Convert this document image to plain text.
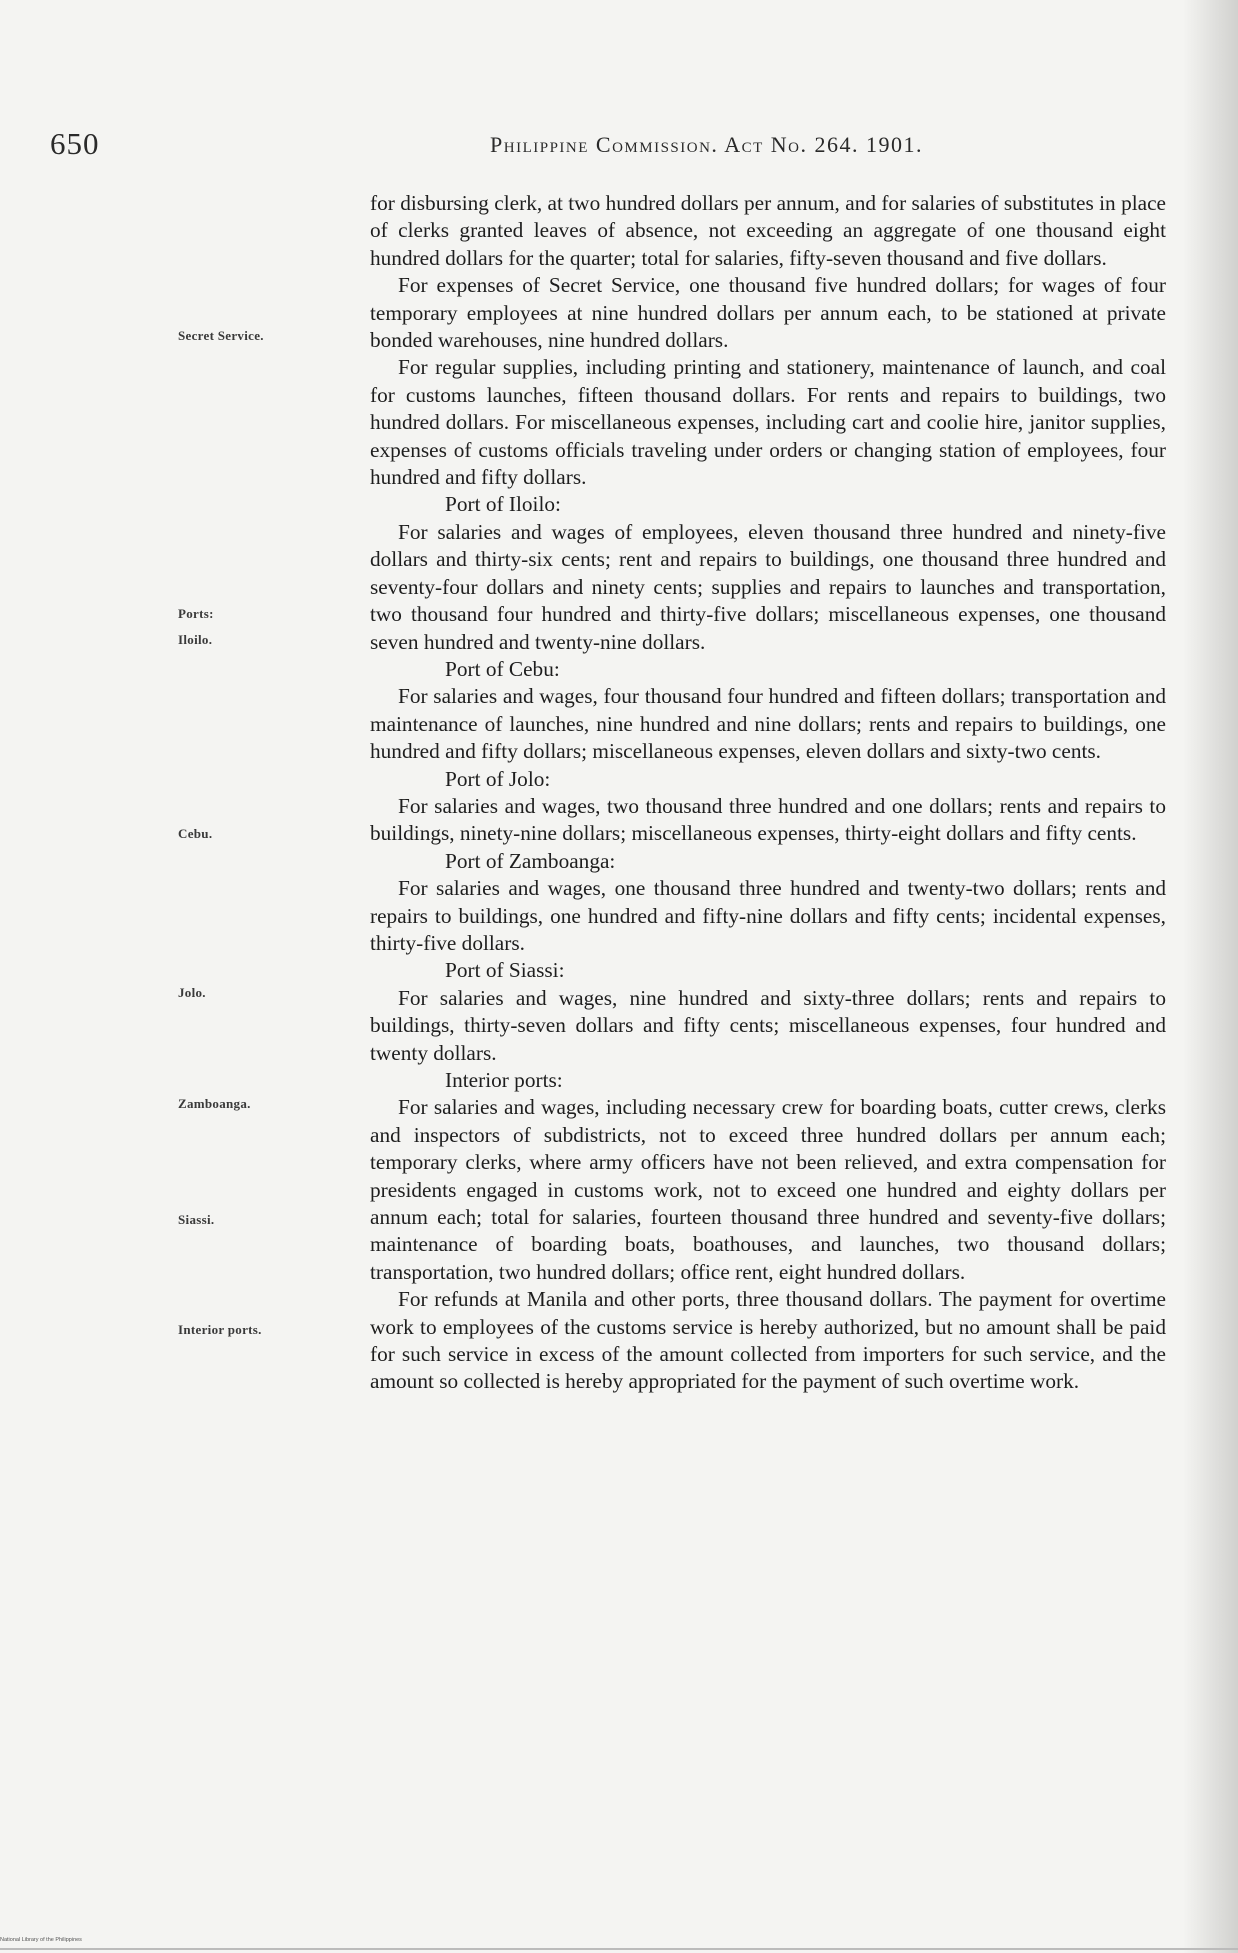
650	Philippine Commission. Act No. 264. 1901.
Secret Service.
Ports:
Iloilo.
Cebu.
Jolo.
Zamboanga.
Siassi.
Interior ports.

for disbursing clerk, at two hundred dollars per annum, and for salaries of substitutes in place of clerks granted leaves of absence, not exceeding an aggregate of one thousand eight hundred dollars for the quarter; total for salaries, fifty-seven thousand and five dollars.

For expenses of Secret Service, one thousand five hundred dollars; for wages of four temporary employees at nine hundred dollars per annum each, to be stationed at private bonded warehouses, nine hundred dollars.

For regular supplies, including printing and stationery, maintenance of launch, and coal for customs launches, fifteen thousand dollars. For rents and repairs to buildings, two hundred dollars. For miscellaneous expenses, including cart and coolie hire, janitor supplies, expenses of customs officials traveling under orders or changing station of employees, four hundred and fifty dollars.

Port of Iloilo:

For salaries and wages of employees, eleven thousand three hundred and ninety-five dollars and thirty-six cents; rent and repairs to buildings, one thousand three hundred and seventy-four dollars and ninety cents; supplies and repairs to launches and transportation, two thousand four hundred and thirty-five dollars; miscellaneous expenses, one thousand seven hundred and twenty-nine dollars.

Port of Cebu:

For salaries and wages, four thousand four hundred and fifteen dollars; transportation and maintenance of launches, nine hundred and nine dollars; rents and repairs to buildings, one hundred and fifty dollars; miscellaneous expenses, eleven dollars and sixty-two cents.

Port of Jolo:

For salaries and wages, two thousand three hundred and one dollars; rents and repairs to buildings, ninety-nine dollars; miscellaneous expenses, thirty-eight dollars and fifty cents.

Port of Zamboanga:

For salaries and wages, one thousand three hundred and twenty-two dollars; rents and repairs to buildings, one hundred and fifty-nine dollars and fifty cents; incidental expenses, thirty-five dollars.

Port of Siassi:

For salaries and wages, nine hundred and sixty-three dollars; rents and repairs to buildings, thirty-seven dollars and fifty cents; miscellaneous expenses, four hundred and twenty dollars.

Interior ports:

For salaries and wages, including necessary crew for boarding boats, cutter crews, clerks and inspectors of subdistricts, not to exceed three hundred dollars per annum each; temporary clerks, where army officers have not been relieved, and extra compensation for presidents engaged in customs work, not to exceed one hundred and eighty dollars per annum each; total for salaries, fourteen thousand three hundred and seventy-five dollars; maintenance of boarding boats, boathouses, and launches, two thousand dollars; transportation, two hundred dollars; office rent, eight hundred dollars.

For refunds at Manila and other ports, three thousand dollars. The payment for overtime work to employees of the customs service is hereby authorized, but no amount shall be paid for such service in excess of the amount collected from importers for such service, and the amount so collected is hereby appropriated for the payment of such overtime work.

National Library of the Philippines
